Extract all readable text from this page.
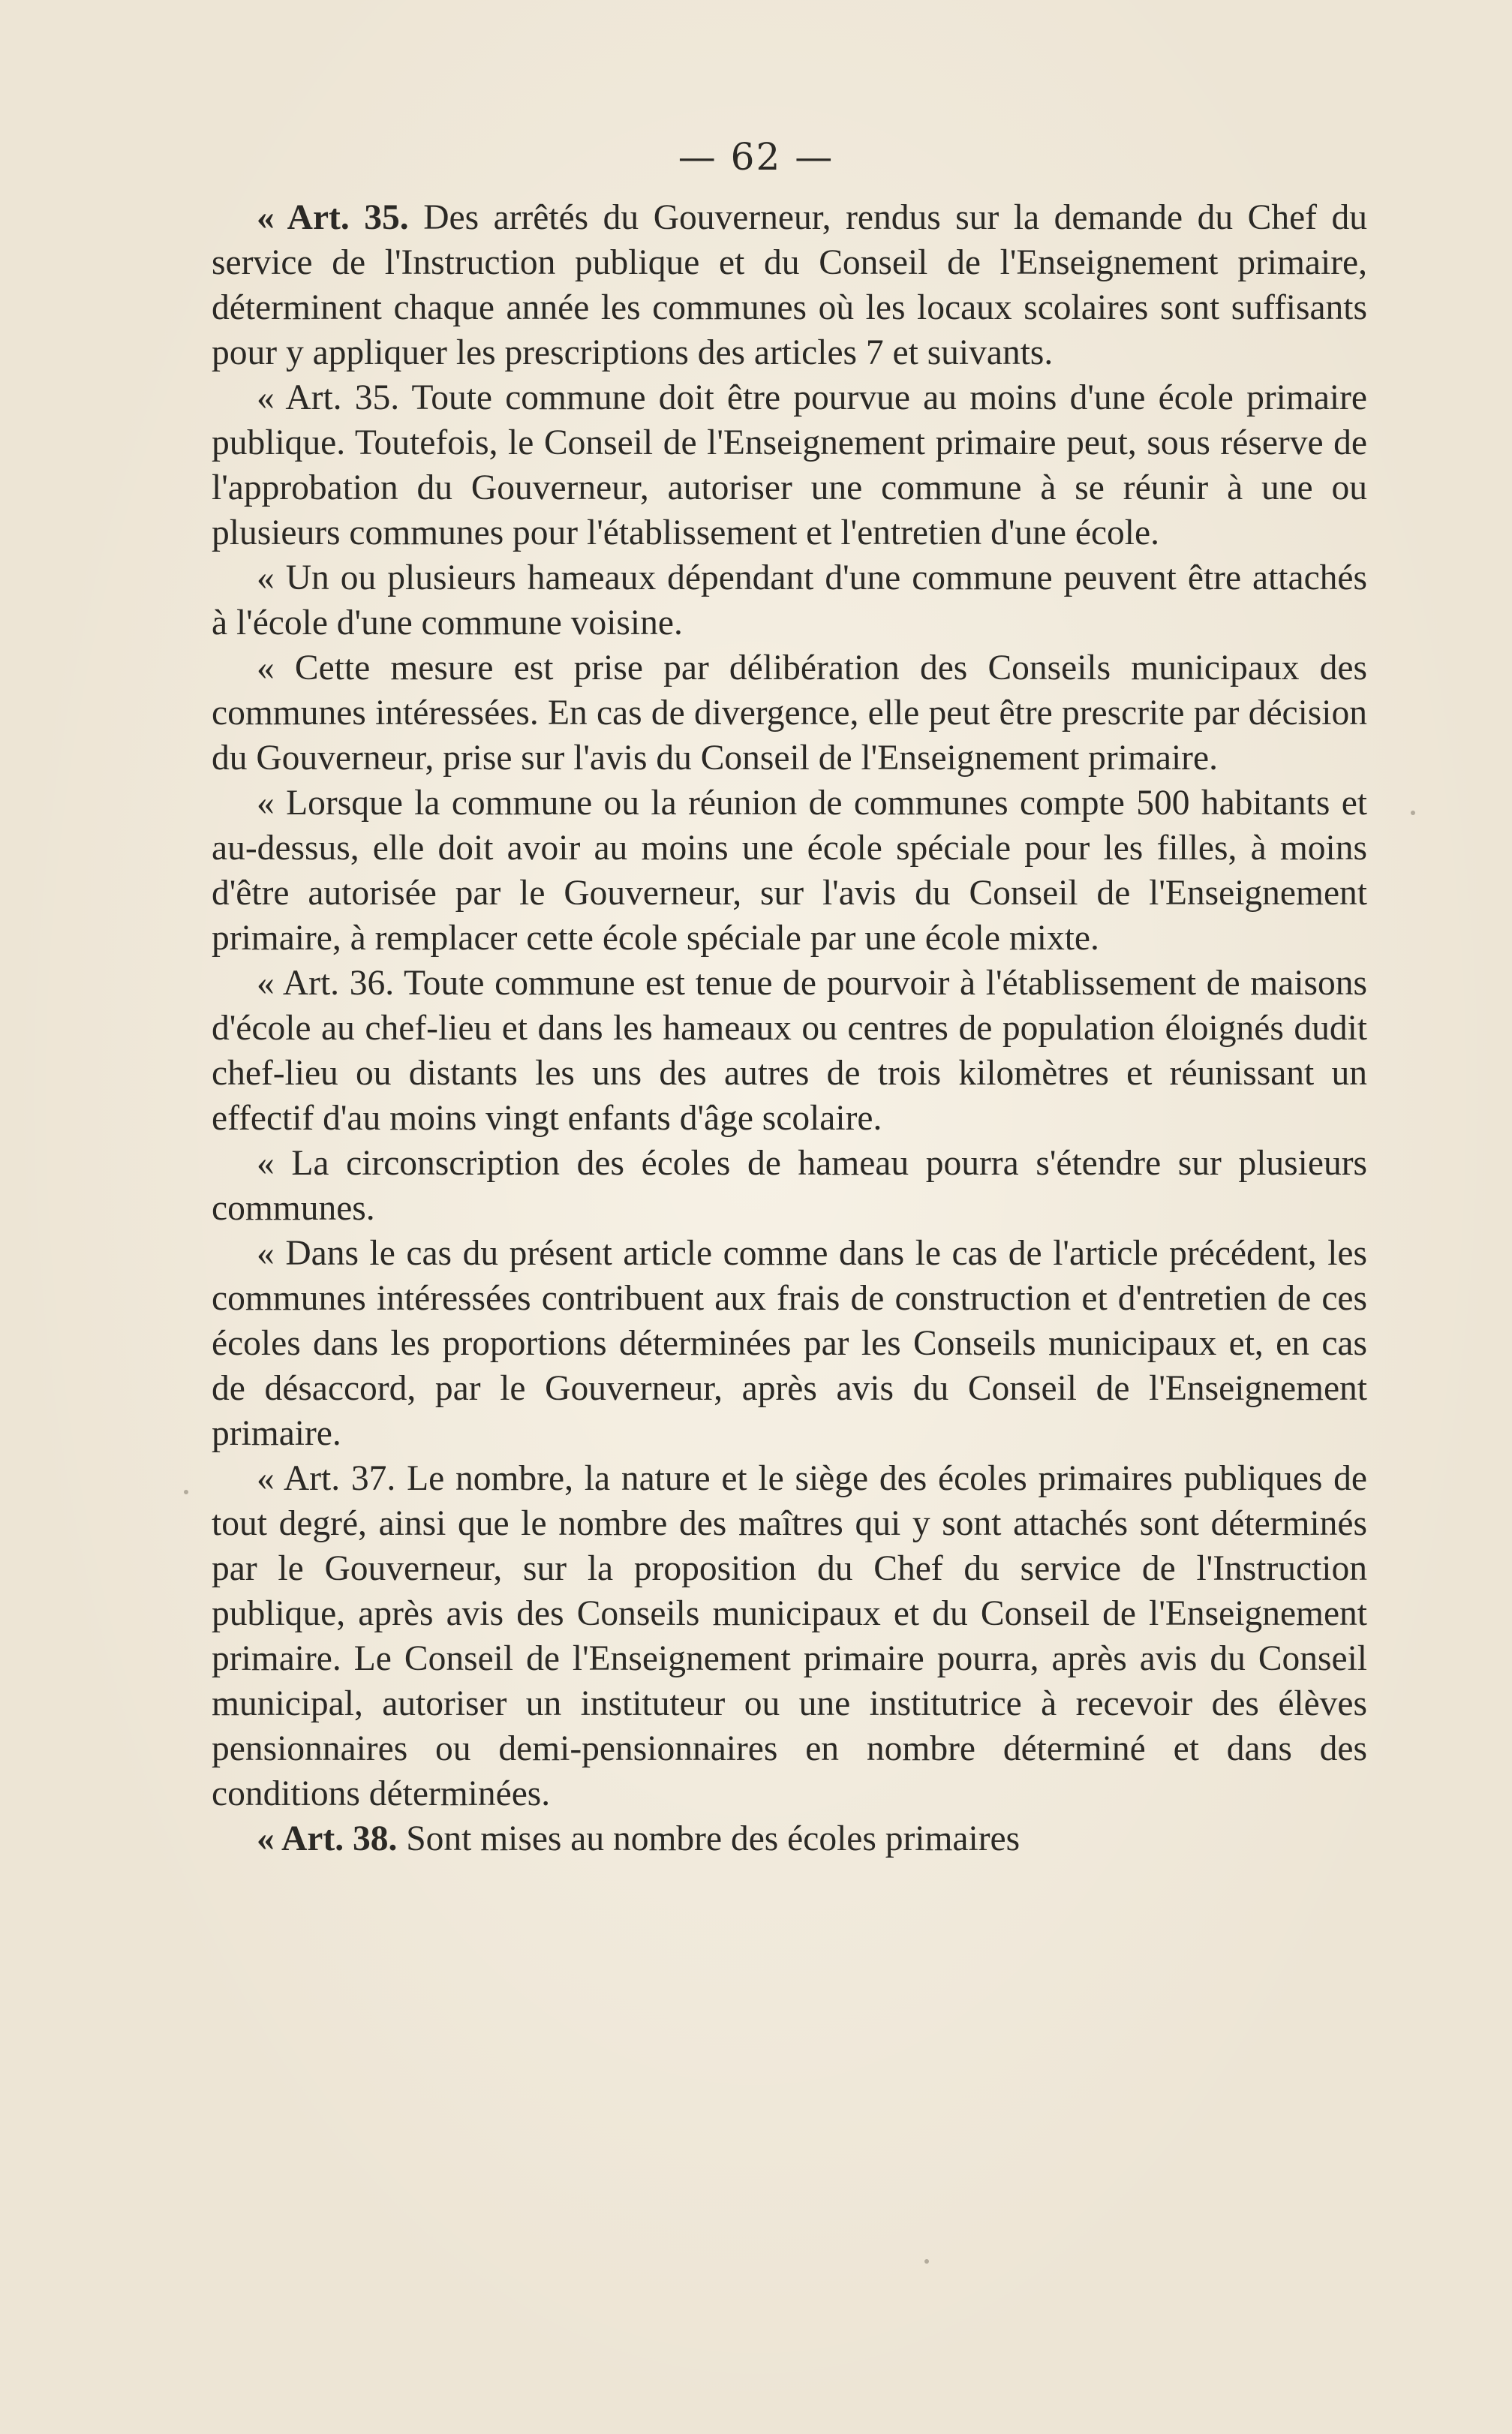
— 62 —

« Art. 35. Des arrêtés du Gouverneur, rendus sur la demande du Chef du service de l'Instruction publique et du Conseil de l'Enseignement primaire, déterminent chaque année les communes où les locaux scolaires sont suffisants pour y appliquer les prescriptions des articles 7 et suivants.

« Art. 35. Toute commune doit être pourvue au moins d'une école primaire publique. Toutefois, le Conseil de l'Enseignement primaire peut, sous réserve de l'approbation du Gouverneur, autoriser une commune à se réunir à une ou plusieurs communes pour l'établissement et l'entretien d'une école.

« Un ou plusieurs hameaux dépendant d'une commune peuvent être attachés à l'école d'une commune voisine.

« Cette mesure est prise par délibération des Conseils municipaux des communes intéressées. En cas de divergence, elle peut être prescrite par décision du Gouverneur, prise sur l'avis du Conseil de l'Enseignement primaire.

« Lorsque la commune ou la réunion de communes compte 500 habitants et au-dessus, elle doit avoir au moins une école spéciale pour les filles, à moins d'être autorisée par le Gouverneur, sur l'avis du Conseil de l'Enseignement primaire, à remplacer cette école spéciale par une école mixte.

« Art. 36. Toute commune est tenue de pourvoir à l'établissement de maisons d'école au chef-lieu et dans les hameaux ou centres de population éloignés dudit chef-lieu ou distants les uns des autres de trois kilomètres et réunissant un effectif d'au moins vingt enfants d'âge scolaire.

« La circonscription des écoles de hameau pourra s'étendre sur plusieurs communes.

« Dans le cas du présent article comme dans le cas de l'article précédent, les communes intéressées contribuent aux frais de construction et d'entretien de ces écoles dans les proportions déterminées par les Conseils municipaux et, en cas de désaccord, par le Gouverneur, après avis du Conseil de l'Enseignement primaire.

« Art. 37. Le nombre, la nature et le siège des écoles primaires publiques de tout degré, ainsi que le nombre des maîtres qui y sont attachés sont déterminés par le Gouverneur, sur la proposition du Chef du service de l'Instruction publique, après avis des Conseils municipaux et du Conseil de l'Enseignement primaire. Le Conseil de l'Enseignement primaire pourra, après avis du Conseil municipal, autoriser un instituteur ou une institutrice à recevoir des élèves pensionnaires ou demi-pensionnaires en nombre déterminé et dans des conditions déterminées.

« Art. 38. Sont mises au nombre des écoles primaires
